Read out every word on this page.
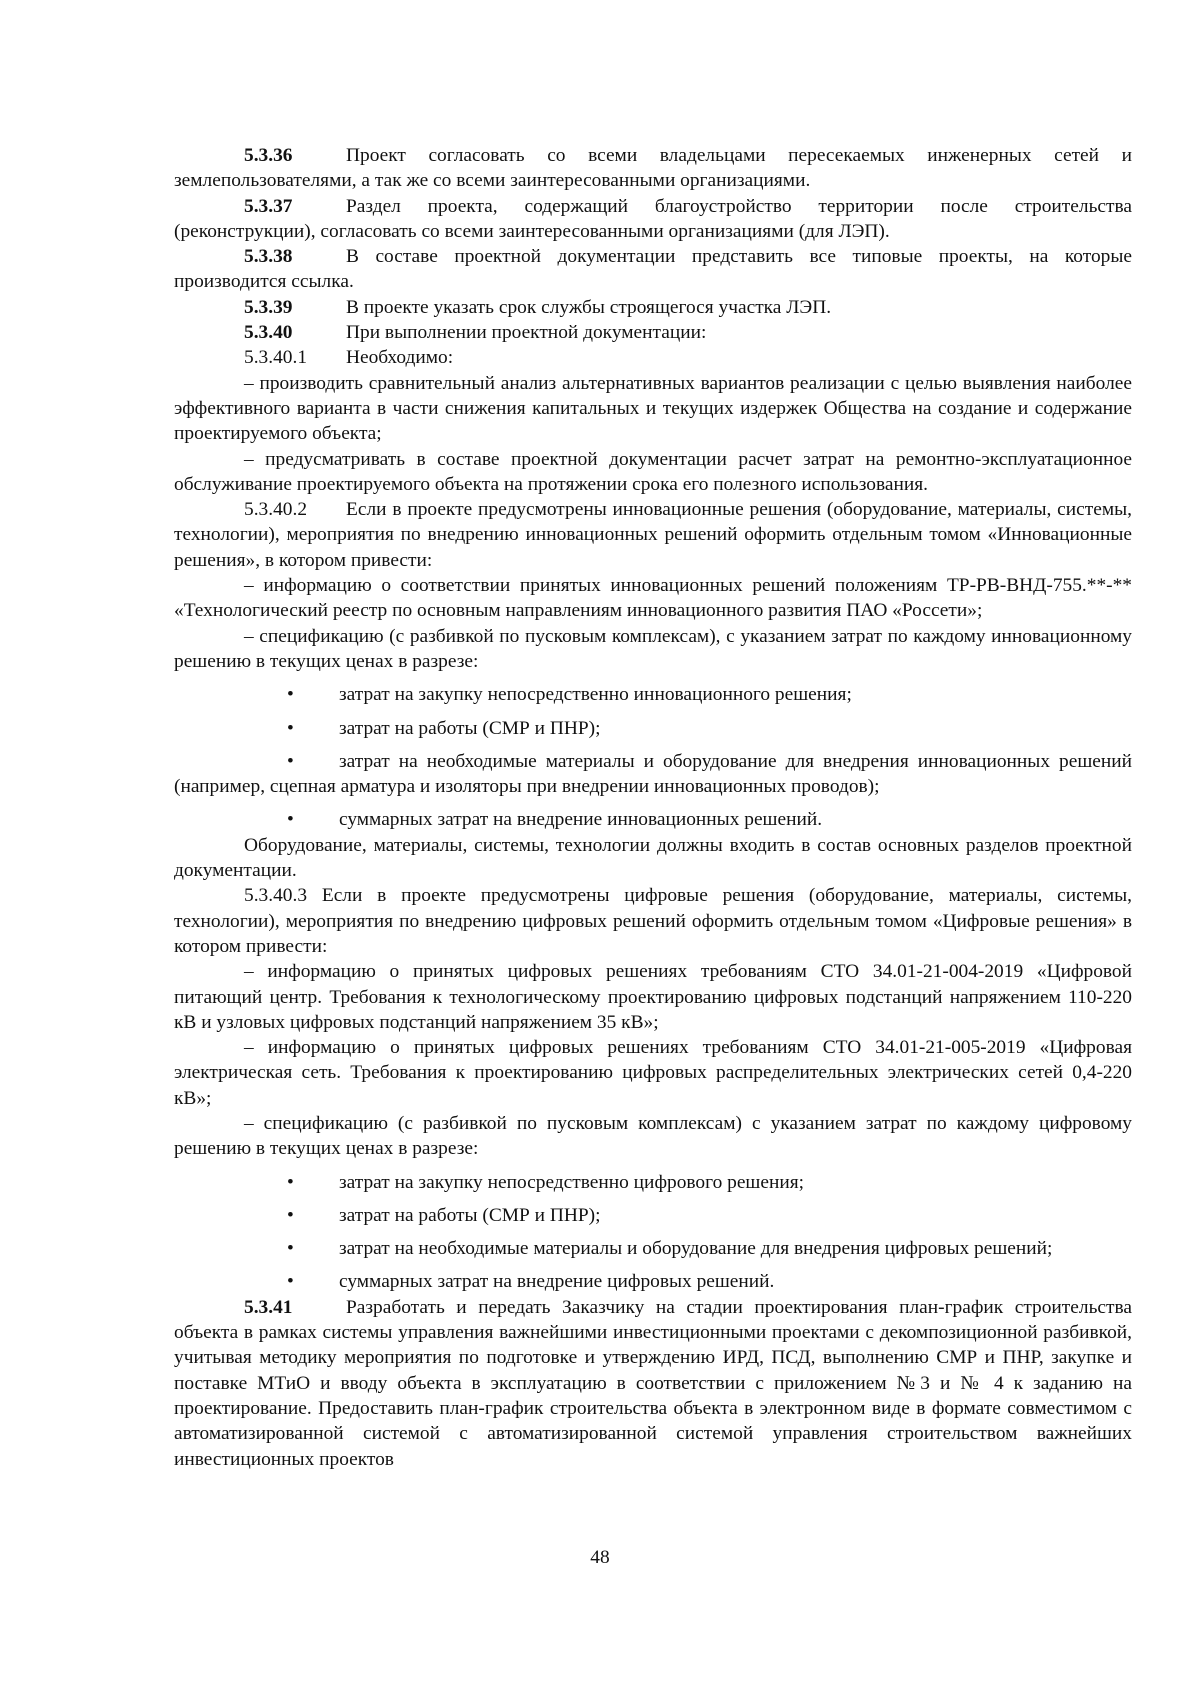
5.3.36	Проект согласовать со всеми владельцами пересекаемых инженерных сетей и землепользователями, а так же со всеми заинтересованными организациями.

5.3.37	Раздел проекта, содержащий благоустройство территории после строительства (реконструкции), согласовать со всеми заинтересованными организациями (для ЛЭП).

5.3.38	В составе проектной документации представить все типовые проекты, на которые производится ссылка.

5.3.39	В проекте указать срок службы строящегося участка ЛЭП.

5.3.40	При выполнении проектной документации:

5.3.40.1 Необходимо:

– производить сравнительный анализ альтернативных вариантов реализации с целью выявления наиболее эффективного варианта в части снижения капитальных и текущих издержек Общества на создание и содержание проектируемого объекта;

– предусматривать в составе проектной документации расчет затрат на ремонтно-эксплуатационное обслуживание проектируемого объекта на протяжении срока его полезного использования.

5.3.40.2 Если в проекте предусмотрены инновационные решения (оборудование, материалы, системы, технологии), мероприятия по внедрению инновационных решений оформить отдельным томом «Инновационные решения», в котором привести:

– информацию о соответствии принятых инновационных решений положениям ТР-РВ-ВНД-755.**-** «Технологический реестр по основным направлениям инновационного развития ПАО «Россети»;

– спецификацию (с разбивкой по пусковым комплексам), с указанием затрат по каждому инновационному решению в текущих ценах в разрезе:

• затрат на закупку непосредственно инновационного решения;

• затрат на работы (СМР и ПНР);

• затрат на необходимые материалы и оборудование для внедрения инновационных решений (например, сцепная арматура и изоляторы при внедрении инновационных проводов);

• суммарных затрат на внедрение инновационных решений.

Оборудование, материалы, системы, технологии должны входить в состав основных разделов проектной документации.

5.3.40.3 Если в проекте предусмотрены цифровые решения (оборудование, материалы, системы, технологии), мероприятия по внедрению цифровых решений оформить отдельным томом «Цифровые решения» в котором привести:

– информацию о принятых цифровых решениях требованиям СТО 34.01-21-004-2019 «Цифровой питающий центр. Требования к технологическому проектированию цифровых подстанций напряжением 110-220 кВ и узловых цифровых подстанций напряжением 35 кВ»;

– информацию о принятых цифровых решениях требованиям СТО 34.01-21-005-2019 «Цифровая электрическая сеть. Требования к проектированию цифровых распределительных электрических сетей 0,4-220 кВ»;

– спецификацию (с разбивкой по пусковым комплексам) с указанием затрат по каждому цифровому решению в текущих ценах в разрезе:

• затрат на закупку непосредственно цифрового решения;

• затрат на работы (СМР и ПНР);

• затрат на необходимые материалы и оборудование для внедрения цифровых решений;

• суммарных затрат на внедрение цифровых решений.

5.3.41	Разработать и передать Заказчику на стадии проектирования план-график строительства объекта в рамках системы управления важнейшими инвестиционными проектами с декомпозиционной разбивкой, учитывая методику мероприятия по подготовке и утверждению ИРД, ПСД, выполнению СМР и ПНР, закупке и поставке МТиО и вводу объекта в эксплуатацию в соответствии с приложением №3 и № 4 к заданию на проектирование. Предоставить план-график строительства объекта в электронном виде в формате совместимом с автоматизированной системой с автоматизированной системой управления строительством важнейших инвестиционных проектов

48
